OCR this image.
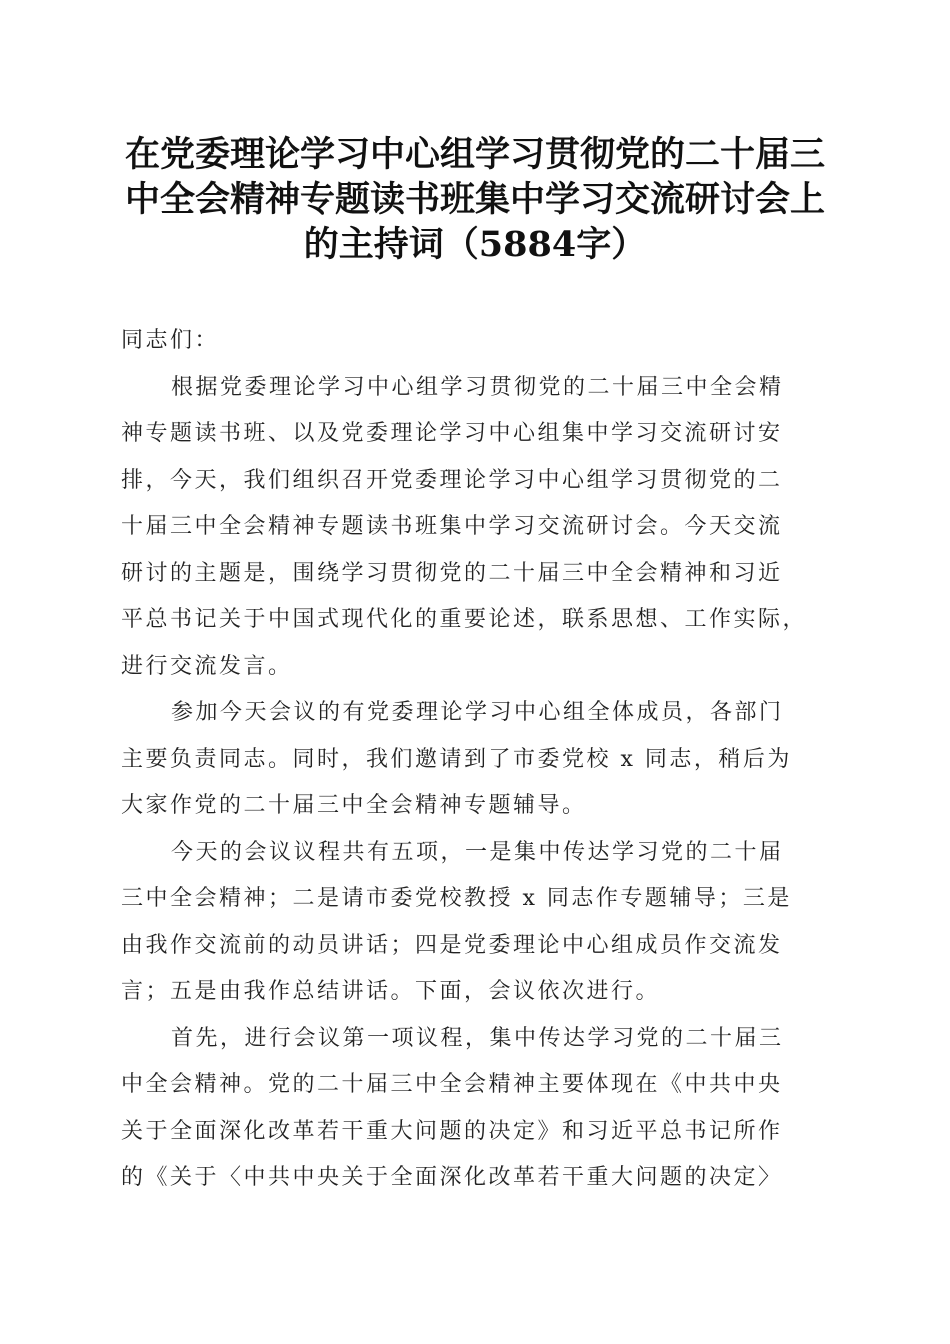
在党委理论学习中心组学习贯彻党的二十届三
中全会精神专题读书班集中学习交流研讨会上
的主持词（5884字）

同志们：

根据党委理论学习中心组学习贯彻党的二十届三中全会精
神专题读书班、以及党委理论学习中心组集中学习交流研讨安
排，今天，我们组织召开党委理论学习中心组学习贯彻党的二
十届三中全会精神专题读书班集中学习交流研讨会。今天交流
研讨的主题是，围绕学习贯彻党的二十届三中全会精神和习近
平总书记关于中国式现代化的重要论述，联系思想、工作实际，
进行交流发言。

参加今天会议的有党委理论学习中心组全体成员，各部门
主要负责同志。同时，我们邀请到了市委党校 x 同志，稍后为
大家作党的二十届三中全会精神专题辅导。

今天的会议议程共有五项，一是集中传达学习党的二十届
三中全会精神；二是请市委党校教授 x 同志作专题辅导；三是
由我作交流前的动员讲话；四是党委理论中心组成员作交流发
言；五是由我作总结讲话。下面，会议依次进行。

首先，进行会议第一项议程，集中传达学习党的二十届三
中全会精神。党的二十届三中全会精神主要体现在《中共中央
关于全面深化改革若干重大问题的决定》和习近平总书记所作
的《关于〈中共中央关于全面深化改革若干重大问题的决定〉
